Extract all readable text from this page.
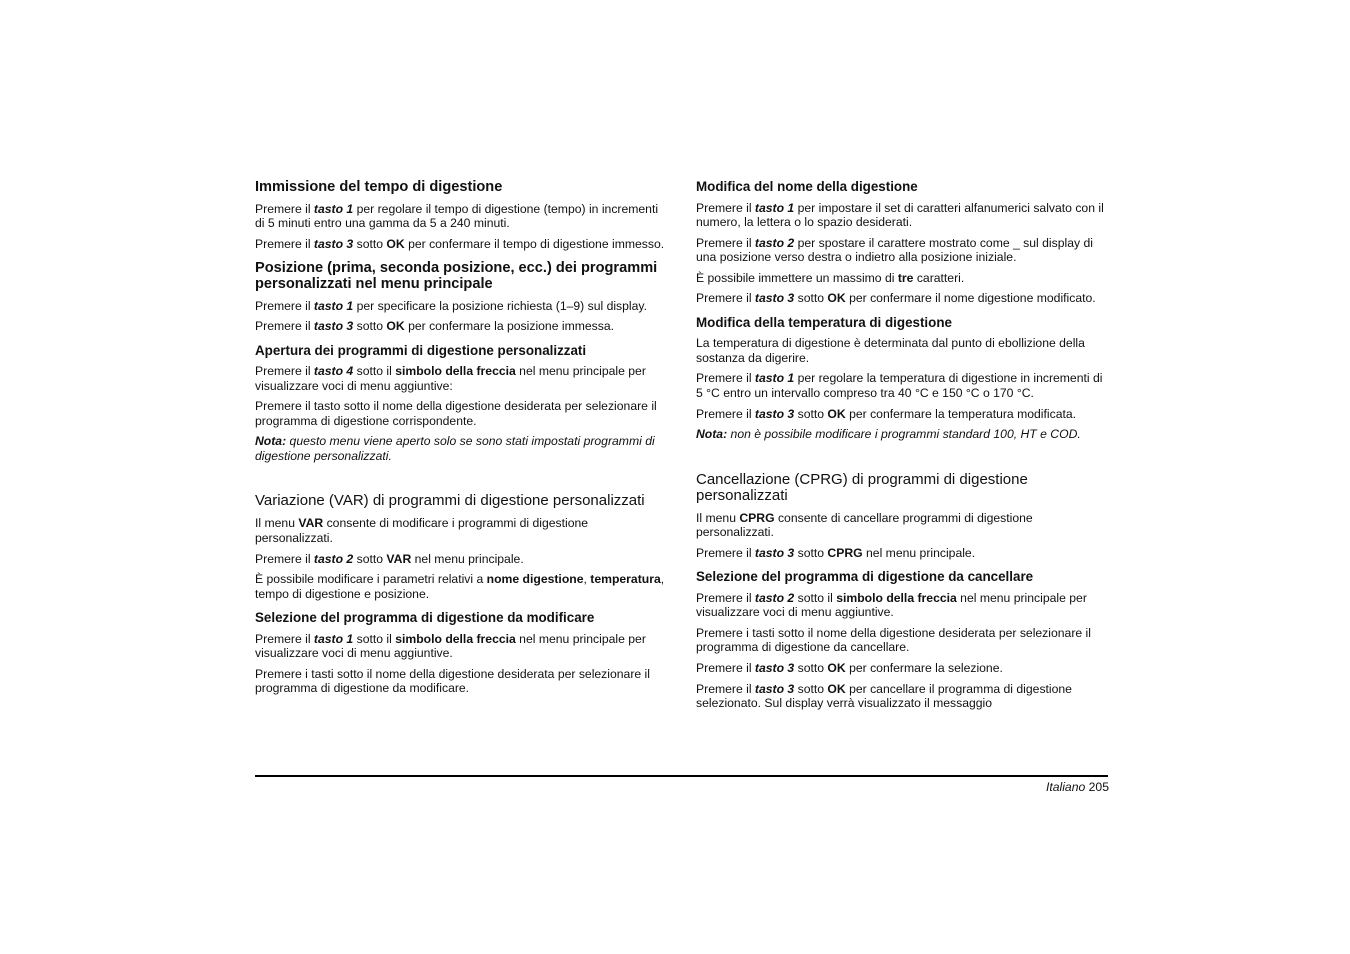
Immissione del tempo di digestione
Premere il tasto 1 per regolare il tempo di digestione (tempo) in incrementi di 5 minuti entro una gamma da 5 a 240 minuti.
Premere il tasto 3 sotto OK per confermare il tempo di digestione immesso.
Posizione (prima, seconda posizione, ecc.) dei programmi personalizzati nel menu principale
Premere il tasto 1 per specificare la posizione richiesta (1–9) sul display.
Premere il tasto 3 sotto OK per confermare la posizione immessa.
Apertura dei programmi di digestione personalizzati
Premere il tasto 4 sotto il simbolo della freccia nel menu principale per visualizzare voci di menu aggiuntive:
Premere il tasto sotto il nome della digestione desiderata per selezionare il programma di digestione corrispondente.
Nota: questo menu viene aperto solo se sono stati impostati programmi di digestione personalizzati.
Variazione (VAR) di programmi di digestione personalizzati
Il menu VAR consente di modificare i programmi di digestione personalizzati.
Premere il tasto 2 sotto VAR nel menu principale.
È possibile modificare i parametri relativi a nome digestione, temperatura, tempo di digestione e posizione.
Selezione del programma di digestione da modificare
Premere il tasto 1 sotto il simbolo della freccia nel menu principale per visualizzare voci di menu aggiuntive.
Premere i tasti sotto il nome della digestione desiderata per selezionare il programma di digestione da modificare.
Modifica del nome della digestione
Premere il tasto 1 per impostare il set di caratteri alfanumerici salvato con il numero, la lettera o lo spazio desiderati.
Premere il tasto 2 per spostare il carattere mostrato come _ sul display di una posizione verso destra o indietro alla posizione iniziale.
È possibile immettere un massimo di tre caratteri.
Premere il tasto 3 sotto OK per confermare il nome digestione modificato.
Modifica della temperatura di digestione
La temperatura di digestione è determinata dal punto di ebollizione della sostanza da digerire.
Premere il tasto 1 per regolare la temperatura di digestione in incrementi di 5 °C entro un intervallo compreso tra 40 °C e 150 °C o 170 °C.
Premere il tasto 3 sotto OK per confermare la temperatura modificata.
Nota: non è possibile modificare i programmi standard 100, HT e COD.
Cancellazione (CPRG) di programmi di digestione personalizzati
Il menu CPRG consente di cancellare programmi di digestione personalizzati.
Premere il tasto 3 sotto CPRG nel menu principale.
Selezione del programma di digestione da cancellare
Premere il tasto 2 sotto il simbolo della freccia nel menu principale per visualizzare voci di menu aggiuntive.
Premere i tasti sotto il nome della digestione desiderata per selezionare il programma di digestione da cancellare.
Premere il tasto 3 sotto OK per confermare la selezione.
Premere il tasto 3 sotto OK per cancellare il programma di digestione selezionato. Sul display verrà visualizzato il messaggio
Italiano 205
